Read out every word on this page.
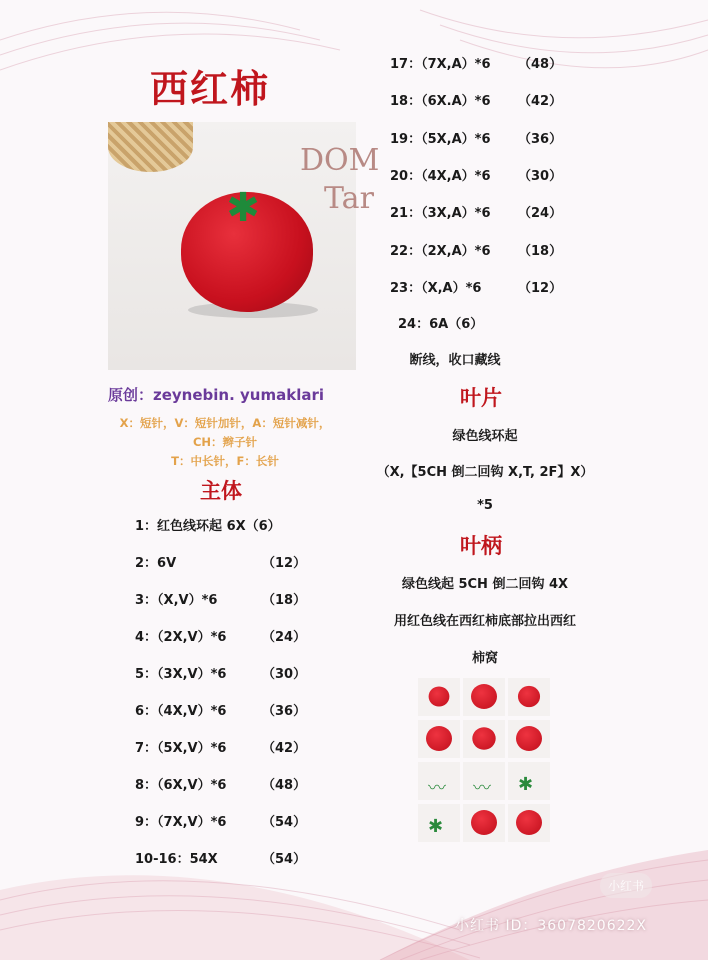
西红柿
✱
DOM
Tar
原创：zeynebin. yumaklari
X：短针，V：短针加针，A：短针减针，
CH：辫子针
T：中长针，F：长针
主体
1：红色线环起 6X（6）
2：6V	（12）
3：（X,V）*6	（18）
4：（2X,V）*6	（24）
5：（3X,V）*6	（30）
6：（4X,V）*6	（36）
7：（5X,V）*6	（42）
8：（6X,V）*6	（48）
9：（7X,V）*6	（54）
10-16：54X	（54）
17：（7X,A）*6 （48）
18：（6X.A）*6 （42）
19：（5X,A）*6 （36）
20：（4X,A）*6 （30）
21：（3X,A）*6 （24）
22：（2X,A）*6 （18）
23：（X,A）*6	（12）
24：6A（6）
断线，收口藏线
叶片
绿色线环起
（X,【5CH 倒二回钩 X,T, 2F】X）
*5
叶柄
绿色线起 5CH 倒二回钩 4X
用红色线在西红柿底部拉出西红
柿窝
〰 〰 ✱
✱
小红书
小红书 ID：3607820622X
